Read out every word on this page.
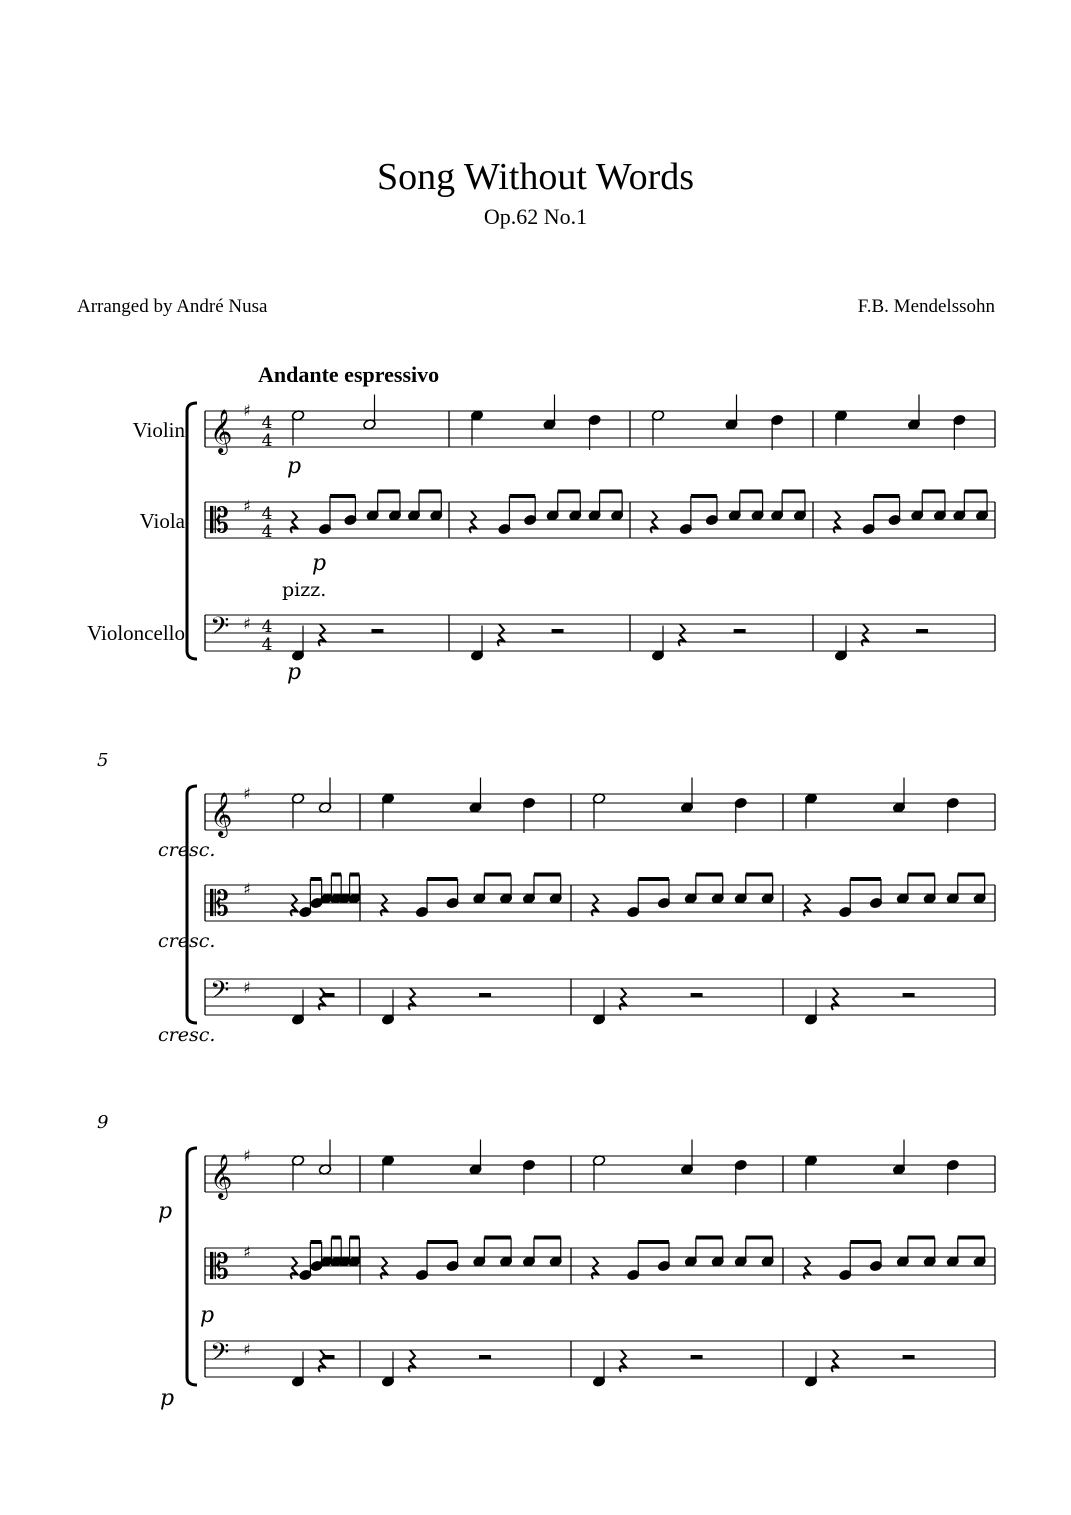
Song Without Words
Op.62 No.1
Arranged by André Nusa	F.B. Mendelssohn
Andante espressivo
Violin
Viola
Violoncello
𝄞 ♯
4
4
𝄡 ♯ 4
4
𝄢 ♯ 4
4
p
p
pizz.
p
5
𝄞 ♯
𝄡 ♯
𝄢 ♯
cresc.
cresc.
cresc.
9
𝄞 ♯
𝄡 ♯
𝄢 ♯
p
p
p
